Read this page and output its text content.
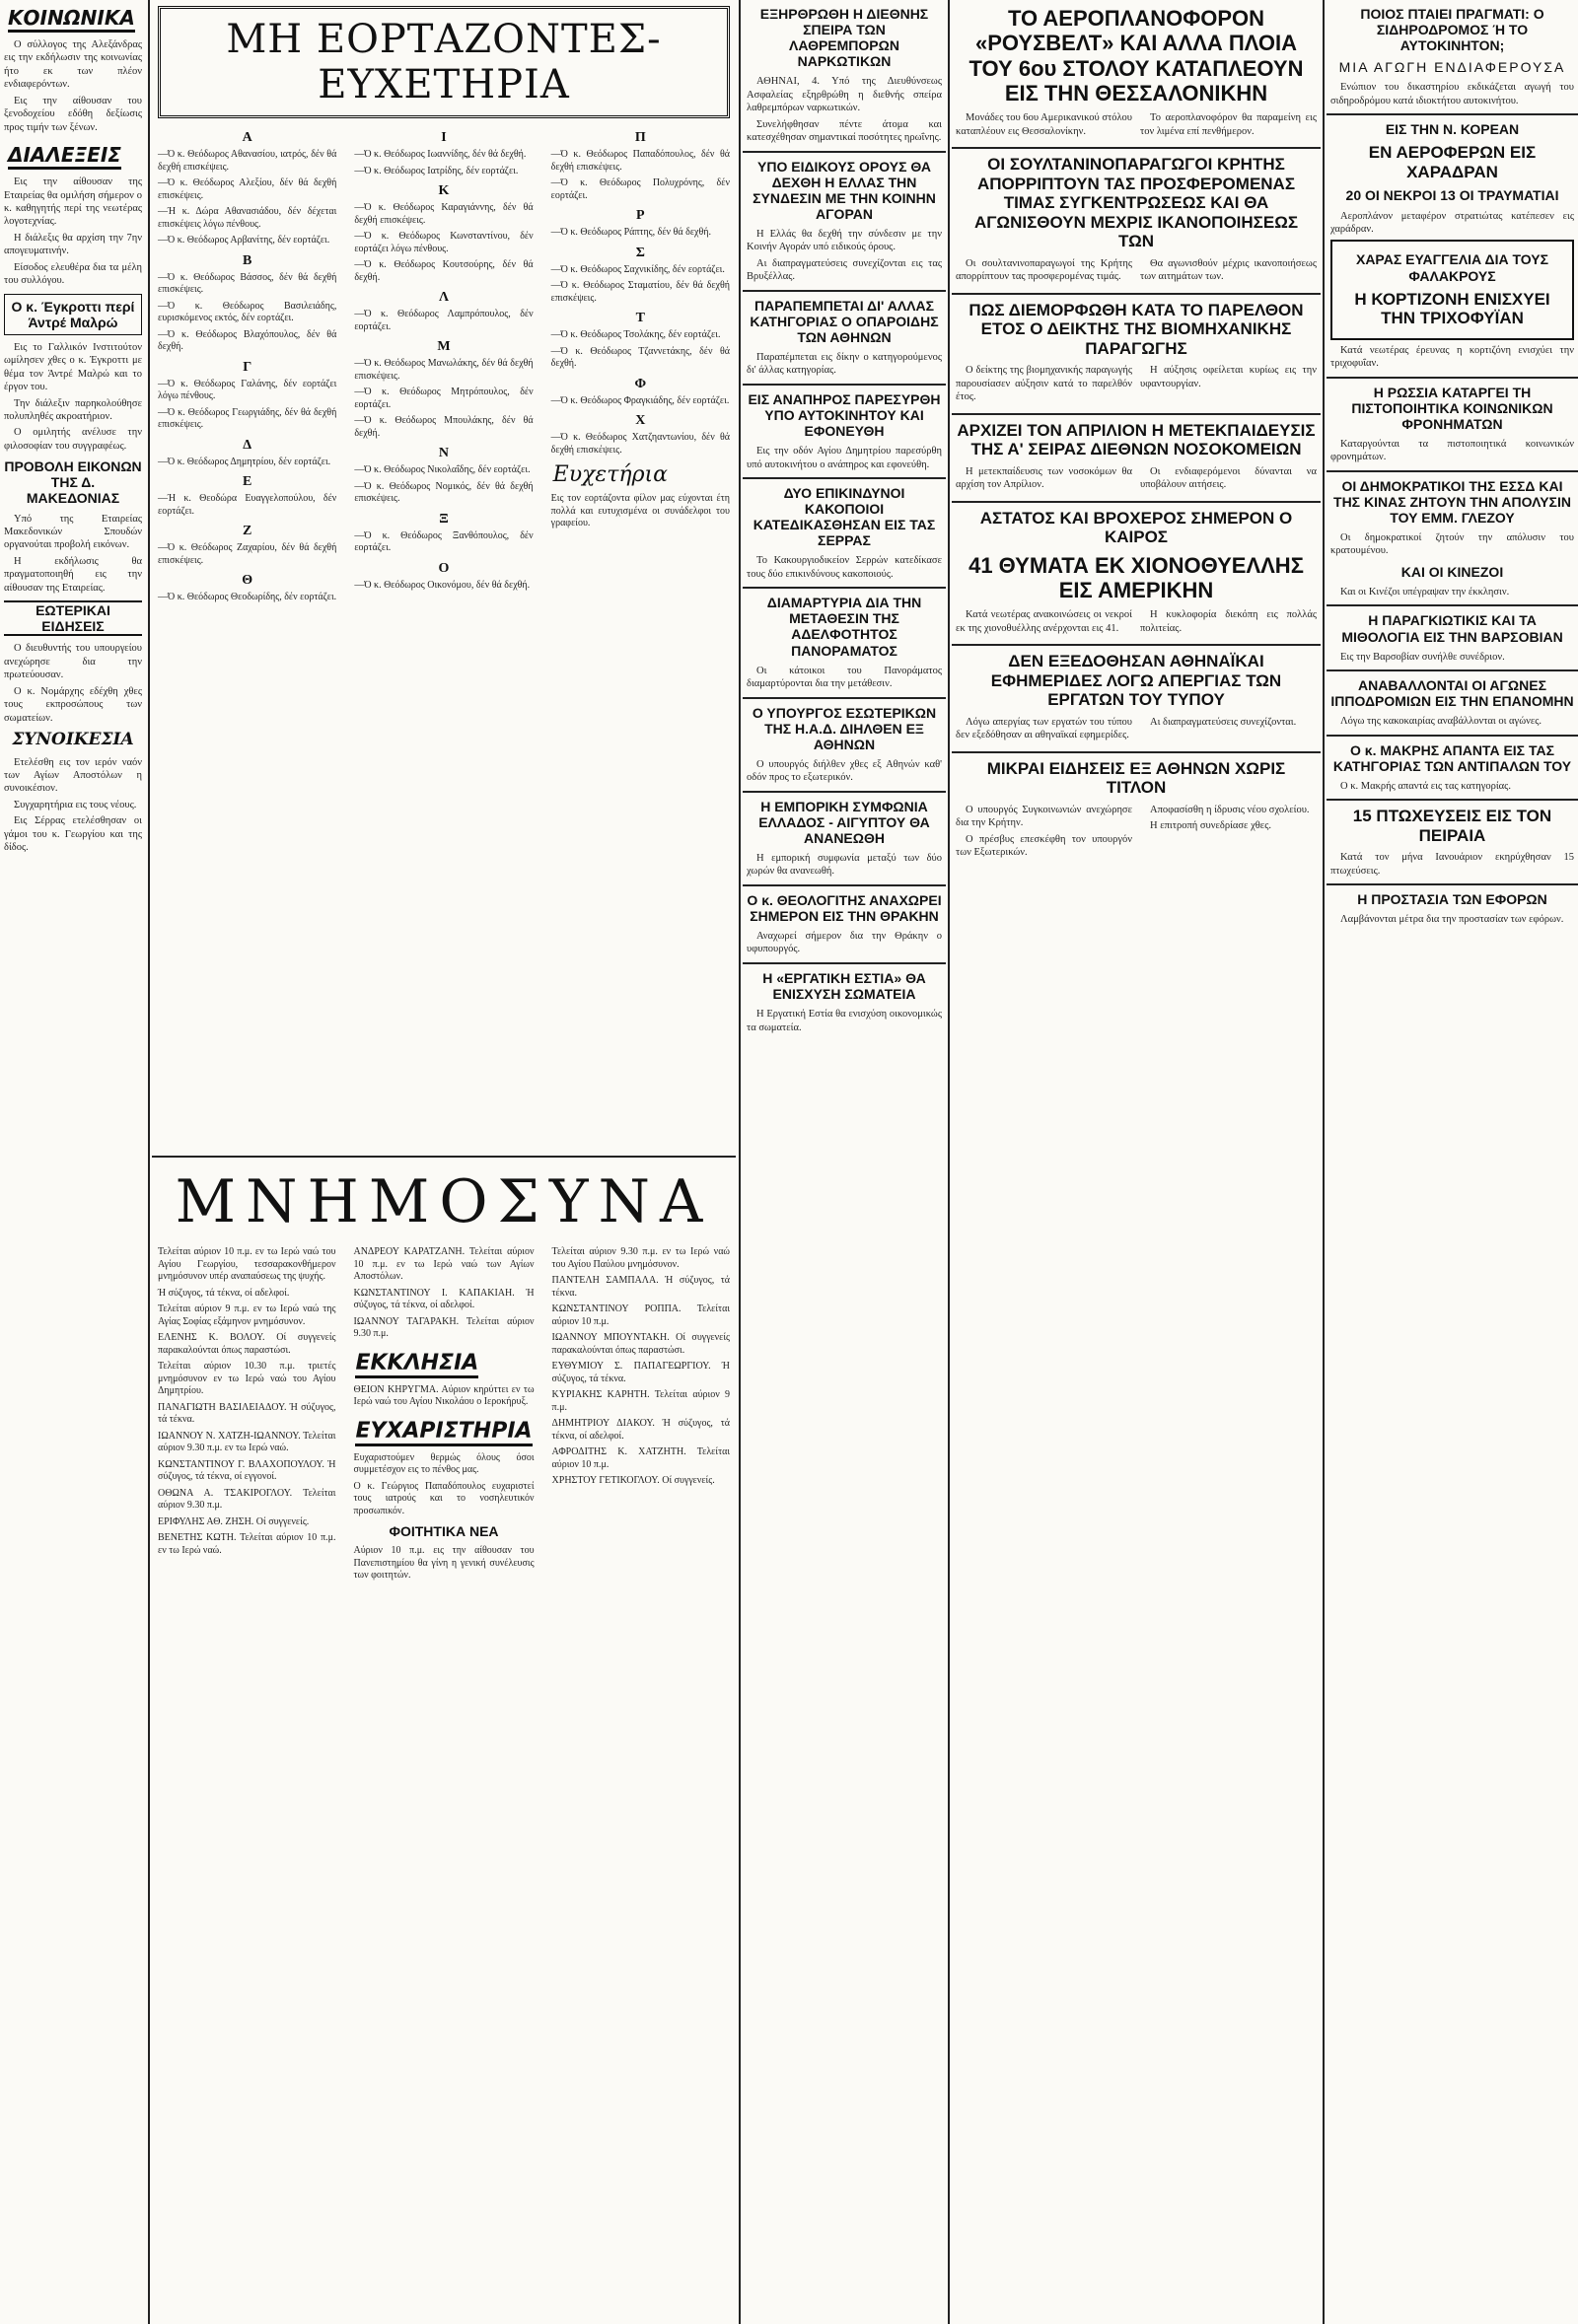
ΚΟΙΝΩΝΙΚΑ

Ο σύλλογος της Αλεξάνδρας εις την εκδήλωσιν της κοινωνίας ήτο εκ των πλέον ενδιαφερόντων.

Εις την αίθουσαν του ξενοδοχείου εδόθη δεξίωσις προς τιμήν των ξένων.

ΔΙΑΛΕΞΕΙΣ

Εις την αίθουσαν της Εταιρείας θα ομιλήση σήμερον ο κ. καθηγητής περί της νεωτέρας λογοτεχνίας.

Η διάλεξις θα αρχίση την 7ην απογευματινήν.

Είσοδος ελευθέρα δια τα μέλη του συλλόγου.

Ο κ. Έγκροττι περί Άντρέ Μαλρώ

Εις το Γαλλικόν Ινστιτούτον ωμίλησεν χθες ο κ. Έγκροττι με θέμα τον Άντρέ Μαλρώ και το έργον του.

Την διάλεξιν παρηκολούθησε πολυπληθές ακροατήριον.

Ο ομιλητής ανέλυσε την φιλοσοφίαν του συγγραφέως.

ΠΡΟΒΟΛΗ ΕΙΚΟΝΩΝ ΤΗΣ Δ. ΜΑΚΕΔΟΝΙΑΣ

Υπό της Εταιρείας Μακεδονικών Σπουδών οργανούται προβολή εικόνων.

Η εκδήλωσις θα πραγματοποιηθή εις την αίθουσαν της Εταιρείας.

ΕΩΤΕΡΙΚΑΙ ΕΙΔΗΣΕΙΣ

Ο διευθυντής του υπουργείου ανεχώρησε δια την πρωτεύουσαν.

Ο κ. Νομάρχης εδέχθη χθες τους εκπροσώπους των σωματείων.

ΣΥΝΟΙΚΕΣΙΑ

Ετελέσθη εις τον ιερόν ναόν των Αγίων Αποστόλων η συνοικέσιον.

Συγχαρητήρια εις τους νέους.

Εις Σέρρας ετελέσθησαν οι γάμοι του κ. Γεωργίου και της δίδος.

ΜΗ ΕΟΡΤΑΖΟΝΤΕΣ-ΕΥΧΕΤΗΡΙΑ
Α
—Ό κ. Θεόδωρος Αθανασίου, ιατρός, δέν θά δεχθή επισκέψεις.
—Ό κ. Θεόδωρος Αλεξίου, δέν θά δεχθή επισκέψεις.
—Ή κ. Δώρα Αθανασιάδου, δέν δέχεται επισκέψεις λόγω πένθους.
—Ό κ. Θεόδωρος Αρβανίτης, δέν εορτάζει.
Β
—Ό κ. Θεόδωρος Βάσσος, δέν θά δεχθή επισκέψεις.
—Ό κ. Θεόδωρος Βασιλειάδης, ευρισκόμενος εκτός, δέν εορτάζει.
—Ό κ. Θεόδωρος Βλαχόπουλος, δέν θά δεχθή.
Γ
—Ό κ. Θεόδωρος Γαλάνης, δέν εορτάζει λόγω πένθους.
—Ό κ. Θεόδωρος Γεωργιάδης, δέν θά δεχθή επισκέψεις.
Δ
—Ό κ. Θεόδωρος Δημητρίου, δέν εορτάζει.
Ε
—Ή κ. Θεοδώρα Ευαγγελοπούλου, δέν εορτάζει.
Ζ
—Ό κ. Θεόδωρος Ζαχαρίου, δέν θά δεχθή επισκέψεις.
Θ
—Ό κ. Θεόδωρος Θεοδωρίδης, δέν εορτάζει.
Ι
—Ό κ. Θεόδωρος Ιωαννίδης, δέν θά δεχθή.
—Ό κ. Θεόδωρος Ιατρίδης, δέν εορτάζει.
Κ
—Ό κ. Θεόδωρος Καραγιάννης, δέν θά δεχθή επισκέψεις.
—Ό κ. Θεόδωρος Κωνσταντίνου, δέν εορτάζει λόγω πένθους.
—Ό κ. Θεόδωρος Κουτσούρης, δέν θά δεχθή.
Λ
—Ό κ. Θεόδωρος Λαμπρόπουλος, δέν εορτάζει.
Μ
—Ό κ. Θεόδωρος Μανωλάκης, δέν θά δεχθή επισκέψεις.
—Ό κ. Θεόδωρος Μητρόπουλος, δέν εορτάζει.
—Ό κ. Θεόδωρος Μπουλάκης, δέν θά δεχθή.
Ν
—Ό κ. Θεόδωρος Νικολαΐδης, δέν εορτάζει.
—Ό κ. Θεόδωρος Νομικός, δέν θά δεχθή επισκέψεις.
Ξ
—Ό κ. Θεόδωρος Ξανθόπουλος, δέν εορτάζει.
Ο
—Ό κ. Θεόδωρος Οικονόμου, δέν θά δεχθή.
Π
—Ό κ. Θεόδωρος Παπαδόπουλος, δέν θά δεχθή επισκέψεις.
—Ό κ. Θεόδωρος Πολυχρόνης, δέν εορτάζει.
Ρ
—Ό κ. Θεόδωρος Ράπτης, δέν θά δεχθή.
Σ
—Ό κ. Θεόδωρος Σαχνικίδης, δέν εορτάζει.
—Ό κ. Θεόδωρος Σταματίου, δέν θά δεχθή επισκέψεις.
Τ
—Ό κ. Θεόδωρος Τσολάκης, δέν εορτάζει.
—Ό κ. Θεόδωρος Τζαννετάκης, δέν θά δεχθή.
Φ
—Ό κ. Θεόδωρος Φραγκιάδης, δέν εορτάζει.
Χ
—Ό κ. Θεόδωρος Χατζηαντωνίου, δέν θά δεχθή επισκέψεις.
Ευχετήρια
Εις τον εορτάζοντα φίλον μας εύχονται έτη πολλά και ευτυχισμένα οι συνάδελφοι του γραφείου.
ΜΝΗΜΟΣΥΝΑ
Τελείται αύριον 10 π.μ. εν τω Ιερώ ναώ του Αγίου Γεωργίου, τεσσαρακονθήμερον μνημόσυνον υπέρ αναπαύσεως της ψυχής.
Ή σύζυγος, τά τέκνα, οί αδελφοί.
Τελείται αύριον 9 π.μ. εν τω Ιερώ ναώ της Αγίας Σοφίας εξάμηνον μνημόσυνον.
ΕΛΕΝΗΣ Κ. ΒΟΛΟΥ. Οί συγγενείς παρακαλούνται όπως παραστώσι.
Τελείται αύριον 10.30 π.μ. τριετές μνημόσυνον εν τω Ιερώ ναώ του Αγίου Δημητρίου.
ΠΑΝΑΓΙΩΤΗ ΒΑΣΙΛΕΙΑΔΟΥ. Ή σύζυγος, τά τέκνα.
ΙΩΑΝΝΟΥ Ν. ΧΑΤΖΗ-ΙΩΑΝΝΟΥ. Τελείται αύριον 9.30 π.μ. εν τω Ιερώ ναώ.
ΚΩΝΣΤΑΝΤΙΝΟΥ Γ. ΒΛΑΧΟΠΟΥΛΟΥ. Ή σύζυγος, τά τέκνα, οί εγγονοί.
ΟΘΩΝΑ Α. ΤΣΑΚΙΡΟΓΛΟΥ. Τελείται αύριον 9.30 π.μ.
ΕΡΙΦΥΛΗΣ ΑΘ. ΖΗΣΗ. Οί συγγενείς.
ΒΕΝΕΤΗΣ ΚΩΤΗ. Τελείται αύριον 10 π.μ. εν τω Ιερώ ναώ.
ΑΝΔΡΕΟΥ ΚΑΡΑΤΖΑΝΗ. Τελείται αύριον 10 π.μ. εν τω Ιερώ ναώ των Αγίων Αποστόλων.
ΚΩΝΣΤΑΝΤΙΝΟΥ Ι. ΚΑΠΑΚΙΑΗ. Ή σύζυγος, τά τέκνα, οί αδελφοί.
ΙΩΑΝΝΟΥ ΤΑΓΑΡΑΚΗ. Τελείται αύριον 9.30 π.μ.
ΕΚΚΛΗΣΙΑ
ΘΕΙΟΝ ΚΗΡΥΓΜΑ. Αύριον κηρύττει εν τω Ιερώ ναώ του Αγίου Νικολάου ο Ιεροκήρυξ.
ΕΥΧΑΡΙΣΤΗΡΙΑ
Ευχαριστούμεν θερμώς όλους όσοι συμμετέσχον εις το πένθος μας.
Ο κ. Γεώργιος Παπαδόπουλος ευχαριστεί τους ιατρούς και το νοσηλευτικόν προσωπικόν.
ΦΟΙΤΗΤΙΚΑ ΝΕΑ
Αύριον 10 π.μ. εις την αίθουσαν του Πανεπιστημίου θα γίνη η γενική συνέλευσις των φοιτητών.
Τελείται αύριον 9.30 π.μ. εν τω Ιερώ ναώ του Αγίου Παύλου μνημόσυνον.
ΠΑΝΤΕΛΗ ΣΑΜΠΑΛΑ. Ή σύζυγος, τά τέκνα.
ΚΩΝΣΤΑΝΤΙΝΟΥ ΡΟΠΠΑ. Τελείται αύριον 10 π.μ.
ΙΩΑΝΝΟΥ ΜΠΟΥΝΤΑΚΗ. Οί συγγενείς παρακαλούνται όπως παραστώσι.
ΕΥΘΥΜΙΟΥ Σ. ΠΑΠΑΓΕΩΡΓΙΟΥ. Ή σύζυγος, τά τέκνα.
ΚΥΡΙΑΚΗΣ ΚΑΡΗΤΗ. Τελείται αύριον 9 π.μ.
ΔΗΜΗΤΡΙΟΥ ΔΙΑΚΟΥ. Ή σύζυγος, τά τέκνα, οί αδελφοί.
ΑΦΡΟΔΙΤΗΣ Κ. ΧΑΤΖΗΤΗ. Τελείται αύριον 10 π.μ.
ΧΡΗΣΤΟΥ ΓΕΤΙΚΟΓΛΟΥ. Οί συγγενείς.
ΕΞΗΡΘΡΩΘΗ Η ΔΙΕΘΝΗΣ ΣΠΕΙΡΑ ΤΩΝ ΛΑΘΡΕΜΠΟΡΩΝ ΝΑΡΚΩΤΙΚΩΝ

ΑΘΗΝΑΙ, 4. Υπό της Διευθύνσεως Ασφαλείας εξηρθρώθη η διεθνής σπείρα λαθρεμπόρων ναρκωτικών.

Συνελήφθησαν πέντε άτομα και κατεσχέθησαν σημαντικαί ποσότητες ηρωΐνης.

ΥΠΟ ΕΙΔΙΚΟΥΣ ΟΡΟΥΣ ΘΑ ΔΕΧΘΗ Η ΕΛΛΑΣ ΤΗΝ ΣΥΝΔΕΣΙΝ ΜΕ ΤΗΝ ΚΟΙΝΗΝ ΑΓΟΡΑΝ

Η Ελλάς θα δεχθή την σύνδεσιν με την Κοινήν Αγοράν υπό ειδικούς όρους.

Αι διαπραγματεύσεις συνεχίζονται εις τας Βρυξέλλας.

ΠΑΡΑΠΕΜΠΕΤΑΙ ΔΙ' ΑΛΛΑΣ ΚΑΤΗΓΟΡΙΑΣ Ο ΟΠΑΡΟΙΔΗΣ ΤΩΝ ΑΘΗΝΩΝ

Παραπέμπεται εις δίκην ο κατηγορούμενος δι' άλλας κατηγορίας.

ΕΙΣ ΑΝΑΠΗΡΟΣ ΠΑΡΕΣΥΡΘΗ ΥΠΟ ΑΥΤΟΚΙΝΗΤΟΥ ΚΑΙ ΕΦΟΝΕΥΘΗ

Εις την οδόν Αγίου Δημητρίου παρεσύρθη υπό αυτοκινήτου ο ανάπηρος και εφονεύθη.

ΔΥΟ ΕΠΙΚΙΝΔΥΝΟΙ ΚΑΚΟΠΟΙΟΙ ΚΑΤΕΔΙΚΑΣΘΗΣΑΝ ΕΙΣ ΤΑΣ ΣΕΡΡΑΣ

Το Κακουργιοδικείον Σερρών κατεδίκασε τους δύο επικινδύνους κακοποιούς.

ΔΙΑΜΑΡΤΥΡΙΑ ΔΙΑ ΤΗΝ ΜΕΤΑΘΕΣΙΝ ΤΗΣ ΑΔΕΛΦΟΤΗΤΟΣ ΠΑΝΟΡΑΜΑΤΟΣ

Οι κάτοικοι του Πανοράματος διαμαρτύρονται δια την μετάθεσιν.

Ο ΥΠΟΥΡΓΟΣ ΕΣΩΤΕΡΙΚΩΝ ΤΗΣ Η.Α.Δ. ΔΙΗΛΘΕΝ ΕΞ ΑΘΗΝΩΝ

Ο υπουργός διήλθεν χθες εξ Αθηνών καθ' οδόν προς το εξωτερικόν.

Η ΕΜΠΟΡΙΚΗ ΣΥΜΦΩΝΙΑ ΕΛΛΑΔΟΣ - ΑΙΓΥΠΤΟΥ ΘΑ ΑΝΑΝΕΩΘΗ

Η εμπορική συμφωνία μεταξύ των δύο χωρών θα ανανεωθή.

Ο κ. ΘΕΟΛΟΓΙΤΗΣ ΑΝΑΧΩΡΕΙ ΣΗΜΕΡΟΝ ΕΙΣ ΤΗΝ ΘΡΑΚΗΝ

Αναχωρεί σήμερον δια την Θράκην ο υφυπουργός.

Η «ΕΡΓΑΤΙΚΗ ΕΣΤΙΑ» ΘΑ ΕΝΙΣΧΥΣΗ ΣΩΜΑΤΕΙΑ

Η Εργατική Εστία θα ενισχύση οικονομικώς τα σωματεία.

ΤΟ ΑΕΡΟΠΛΑΝΟΦΟΡΟΝ «ΡΟΥΣΒΕΛΤ» ΚΑΙ ΑΛΛΑ ΠΛΟΙΑ ΤΟΥ 6ου ΣΤΟΛΟΥ ΚΑΤΑΠΛΕΟΥΝ ΕΙΣ ΤΗΝ ΘΕΣΣΑΛΟΝΙΚΗΝ

Μονάδες του 6ου Αμερικανικού στόλου καταπλέουν εις Θεσσαλονίκην.

Το αεροπλανοφόρον θα παραμείνη εις τον λιμένα επί πενθήμερον.

ΟΙ ΣΟΥΛΤΑΝΙΝΟΠΑΡΑΓΩΓΟΙ ΚΡΗΤΗΣ ΑΠΟΡΡΙΠΤΟΥΝ ΤΑΣ ΠΡΟΣΦΕΡΟΜΕΝΑΣ ΤΙΜΑΣ ΣΥΓΚΕΝΤΡΩΣΕΩΣ ΚΑΙ ΘΑ ΑΓΩΝΙΣΘΟΥΝ ΜΕΧΡΙΣ ΙΚΑΝΟΠΟΙΗΣΕΩΣ ΤΩΝ

Οι σουλτανινοπαραγωγοί της Κρήτης απορρίπτουν τας προσφερομένας τιμάς.

Θα αγωνισθούν μέχρις ικανοποιήσεως των αιτημάτων των.

ΠΩΣ ΔΙΕΜΟΡΦΩΘΗ ΚΑΤΑ ΤΟ ΠΑΡΕΛΘΟΝ ΕΤΟΣ Ο ΔΕΙΚΤΗΣ ΤΗΣ ΒΙΟΜΗΧΑΝΙΚΗΣ ΠΑΡΑΓΩΓΗΣ

Ο δείκτης της βιομηχανικής παραγωγής παρουσίασεν αύξησιν κατά το παρελθόν έτος.

Η αύξησις οφείλεται κυρίως εις την υφαντουργίαν.

ΑΡΧΙΖΕΙ ΤΟΝ ΑΠΡΙΛΙΟΝ Η ΜΕΤΕΚΠΑΙΔΕΥΣΙΣ ΤΗΣ Α' ΣΕΙΡΑΣ ΔΙΕΘΝΩΝ ΝΟΣΟΚΟΜΕΙΩΝ

Η μετεκπαίδευσις των νοσοκόμων θα αρχίση τον Απρίλιον.

Οι ενδιαφερόμενοι δύνανται να υποβάλουν αιτήσεις.

ΑΣΤΑΤΟΣ ΚΑΙ ΒΡΟΧΕΡΟΣ ΣΗΜΕΡΟΝ Ο ΚΑΙΡΟΣ
41 ΘΥΜΑΤΑ ΕΚ ΧΙΟΝΟΘΥΕΛΛΗΣ ΕΙΣ ΑΜΕΡΙΚΗΝ

Κατά νεωτέρας ανακοινώσεις οι νεκροί εκ της χιονοθυέλλης ανέρχονται εις 41.

Η κυκλοφορία διεκόπη εις πολλάς πολιτείας.

ΔΕΝ ΕΞΕΔΟΘΗΣΑΝ ΑΘΗΝΑΪΚΑΙ ΕΦΗΜΕΡΙΔΕΣ ΛΟΓΩ ΑΠΕΡΓΙΑΣ ΤΩΝ ΕΡΓΑΤΩΝ ΤΟΥ ΤΥΠΟΥ

Λόγω απεργίας των εργατών του τύπου δεν εξεδόθησαν αι αθηναϊκαί εφημερίδες.

Αι διαπραγματεύσεις συνεχίζονται.

ΜΙΚΡΑΙ ΕΙΔΗΣΕΙΣ ΕΞ ΑΘΗΝΩΝ ΧΩΡΙΣ ΤΙΤΛΟΝ

Ο υπουργός Συγκοινωνιών ανεχώρησε δια την Κρήτην.

Ο πρέσβυς επεσκέφθη τον υπουργόν των Εξωτερικών.

Αποφασίσθη η ίδρυσις νέου σχολείου.

Η επιτροπή συνεδρίασε χθες.

ΠΟΙΟΣ ΠΤΑΙΕΙ ΠΡΑΓΜΑΤΙ: Ο ΣΙΔΗΡΟΔΡΟΜΟΣ Ή ΤΟ ΑΥΤΟΚΙΝΗΤΟΝ;
ΜΙΑ ΑΓΩΓΗ ΕΝΔΙΑΦΕΡΟΥΣΑ

Ενώπιον του δικαστηρίου εκδικάζεται αγωγή του σιδηροδρόμου κατά ιδιοκτήτου αυτοκινήτου.

ΕΙΣ ΤΗΝ Ν. ΚΟΡΕΑΝ
ΕΝ ΑΕΡΟΦΕΡΩΝ ΕΙΣ ΧΑΡΑΔΡΑΝ
20 ΟΙ ΝΕΚΡΟΙ 13 ΟΙ ΤΡΑΥΜΑΤΙΑΙ

Αεροπλάνον μεταφέρον στρατιώτας κατέπεσεν εις χαράδραν.

ΧΑΡΑΣ ΕΥΑΓΓΕΛΙΑ ΔΙΑ ΤΟΥΣ ΦΑΛΑΚΡΟΥΣ
Η ΚΟΡΤΙΖΟΝΗ ΕΝΙΣΧΥΕΙ ΤΗΝ ΤΡΙΧΟΦΥΪΑΝ

Κατά νεωτέρας έρευνας η κορτιζόνη ενισχύει την τριχοφυΐαν.

Η ΡΩΣΣΙΑ ΚΑΤΑΡΓΕΙ ΤΗ ΠΙΣΤΟΠΟΙΗΤΙΚΑ ΚΟΙΝΩΝΙΚΩΝ ΦΡΟΝΗΜΑΤΩΝ

Καταργούνται τα πιστοποιητικά κοινωνικών φρονημάτων.

ΟΙ ΔΗΜΟΚΡΑΤΙΚΟΙ ΤΗΣ ΕΣΣΔ ΚΑΙ ΤΗΣ ΚΙΝΑΣ ΖΗΤΟΥΝ ΤΗΝ ΑΠΟΛΥΣΙΝ ΤΟΥ ΕΜΜ. ΓΛΕΖΟΥ

Οι δημοκρατικοί ζητούν την απόλυσιν του κρατουμένου.

ΚΑΙ ΟΙ ΚΙΝΕΖΟΙ

Και οι Κινέζοι υπέγραψαν την έκκλησιν.

Η ΠΑΡΑΓΚΙΩΤΙΚΙΣ ΚΑΙ ΤΑ ΜΙΘΟΛΟΓΙΑ ΕΙΣ ΤΗΝ ΒΑΡΣΟΒΙΑΝ

Εις την Βαρσοβίαν συνήλθε συνέδριον.

ΑΝΑΒΑΛΛΟΝΤΑΙ ΟΙ ΑΓΩΝΕΣ ΙΠΠΟΔΡΟΜΙΩΝ ΕΙΣ ΤΗΝ ΕΠΑΝΟΜΗΝ

Λόγω της κακοκαιρίας αναβάλλονται οι αγώνες.

Ο κ. ΜΑΚΡΗΣ ΑΠΑΝΤΑ ΕΙΣ ΤΑΣ ΚΑΤΗΓΟΡΙΑΣ ΤΩΝ ΑΝΤΙΠΑΛΩΝ ΤΟΥ

Ο κ. Μακρής απαντά εις τας κατηγορίας.

15 ΠΤΩΧΕΥΣΕΙΣ ΕΙΣ ΤΟΝ ΠΕΙΡΑΙΑ

Κατά τον μήνα Ιανουάριον εκηρύχθησαν 15 πτωχεύσεις.

Η ΠΡΟΣΤΑΣΙΑ ΤΩΝ ΕΦΟΡΩΝ

Λαμβάνονται μέτρα δια την προστασίαν των εφόρων.
